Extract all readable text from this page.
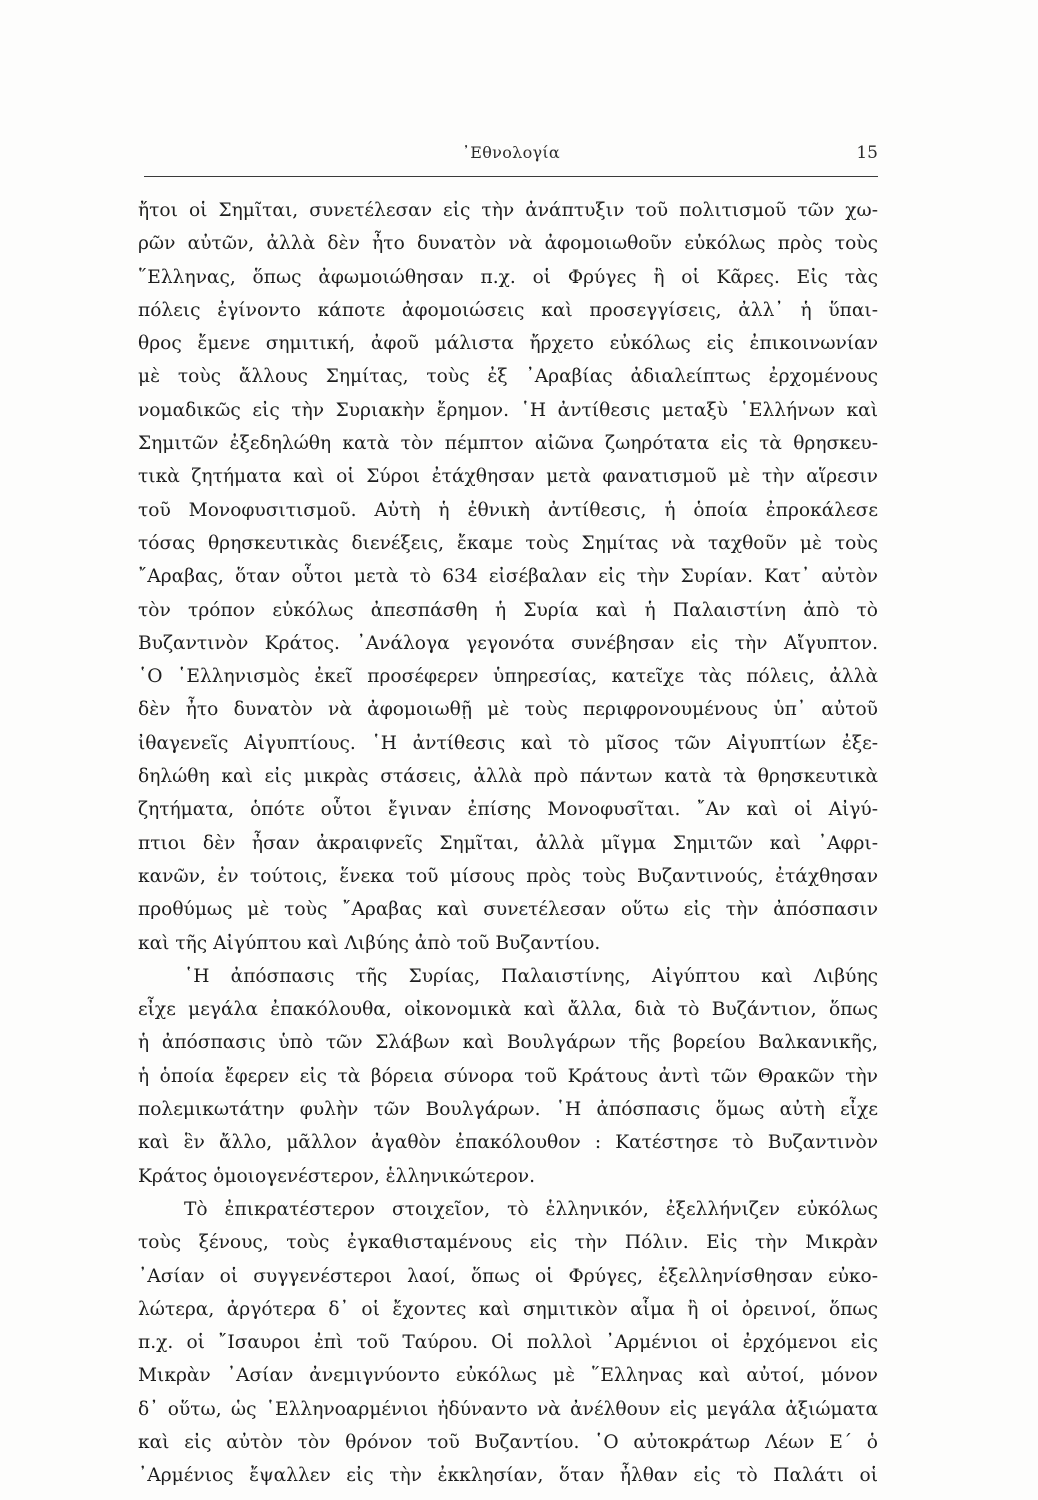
᾿Εθνολογία	15
ἤτοι οἱ Σημῖται, συνετέλεσαν εἰς τὴν ἀνάπτυξιν τοῦ πολιτισμοῦ τῶν χω-
ρῶν αὐτῶν, ἀλλὰ δὲν ἦτο δυνατὸν νὰ ἀφομοιωθοῦν εὐκόλως πρὸς τοὺς
῞Ελληνας, ὅπως ἀφωμοιώθησαν π.χ. οἱ Φρύγες ἢ οἱ Κᾶρες. Εἰς τὰς
πόλεις ἐγίνοντο κάποτε ἀφομοιώσεις καὶ προσεγγίσεις, ἀλλ᾿ ἡ ὕπαι-
θρος ἔμενε σημιτική, ἀφοῦ μάλιστα ἤρχετο εὐκόλως εἰς ἐπικοινωνίαν
μὲ τοὺς ἄλλους Σημίτας, τοὺς ἐξ ᾿Αραβίας ἀδιαλείπτως ἐρχομένους
νομαδικῶς εἰς τὴν Συριακὴν ἔρημον. ῾Η ἀντίθεσις μεταξὺ ῾Ελλήνων καὶ
Σημιτῶν ἐξεδηλώθη κατὰ τὸν πέμπτον αἰῶνα ζωηρότατα εἰς τὰ θρησκευ-
τικὰ ζητήματα καὶ οἱ Σύροι ἐτάχθησαν μετὰ φανατισμοῦ μὲ τὴν αἵρεσιν
τοῦ Μονοφυσιτισμοῦ. Αὐτὴ ἡ ἐθνικὴ ἀντίθεσις, ἡ ὁποία ἐπροκάλεσε
τόσας θρησκευτικὰς διενέξεις, ἔκαμε τοὺς Σημίτας νὰ ταχθοῦν μὲ τοὺς
῎Αραβας, ὅταν οὗτοι μετὰ τὸ 634 εἰσέβαλαν εἰς τὴν Συρίαν. Κατ᾿ αὐτὸν
τὸν τρόπον εὐκόλως ἀπεσπάσθη ἡ Συρία καὶ ἡ Παλαιστίνη ἀπὸ τὸ
Βυζαντινὸν Κράτος. ᾿Ανάλογα γεγονότα συνέβησαν εἰς τὴν Αἴγυπτον.
῾Ο ῾Ελληνισμὸς ἐκεῖ προσέφερεν ὑπηρεσίας, κατεῖχε τὰς πόλεις, ἀλλὰ
δὲν ἦτο δυνατὸν νὰ ἀφομοιωθῇ μὲ τοὺς περιφρονουμένους ὑπ᾿ αὐτοῦ
ἰθαγενεῖς Αἰγυπτίους. ῾Η ἀντίθεσις καὶ τὸ μῖσος τῶν Αἰγυπτίων ἐξε-
δηλώθη καὶ εἰς μικρὰς στάσεις, ἀλλὰ πρὸ πάντων κατὰ τὰ θρησκευτικὰ
ζητήματα, ὁπότε οὗτοι ἔγιναν ἐπίσης Μονοφυσῖται. ῎Αν καὶ οἱ Αἰγύ-
πτιοι δὲν ἦσαν ἀκραιφνεῖς Σημῖται, ἀλλὰ μῖγμα Σημιτῶν καὶ ᾿Αφρι-
κανῶν, ἐν τούτοις, ἕνεκα τοῦ μίσους πρὸς τοὺς Βυζαντινούς, ἐτάχθησαν
προθύμως μὲ τοὺς ῎Αραβας καὶ συνετέλεσαν οὕτω εἰς τὴν ἀπόσπασιν
καὶ τῆς Αἰγύπτου καὶ Λιβύης ἀπὸ τοῦ Βυζαντίου.
῾Η ἀπόσπασις τῆς Συρίας, Παλαιστίνης, Αἰγύπτου καὶ Λιβύης
εἶχε μεγάλα ἐπακόλουθα, οἰκονομικὰ καὶ ἄλλα, διὰ τὸ Βυζάντιον, ὅπως
ἡ ἀπόσπασις ὑπὸ τῶν Σλάβων καὶ Βουλγάρων τῆς βορείου Βαλκανικῆς,
ἡ ὁποία ἔφερεν εἰς τὰ βόρεια σύνορα τοῦ Κράτους ἀντὶ τῶν Θρακῶν τὴν
πολεμικωτάτην φυλὴν τῶν Βουλγάρων. ῾Η ἀπόσπασις ὅμως αὐτὴ εἶχε
καὶ ἓν ἄλλο, μᾶλλον ἀγαθὸν ἐπακόλουθον : Κατέστησε τὸ Βυζαντινὸν
Κράτος ὁμοιογενέστερον, ἑλληνικώτερον.
Τὸ ἐπικρατέστερον στοιχεῖον, τὸ ἑλληνικόν, ἐξελλήνιζεν εὐκόλως
τοὺς ξένους, τοὺς ἐγκαθισταμένους εἰς τὴν Πόλιν. Εἰς τὴν Μικρὰν
᾿Ασίαν οἱ συγγενέστεροι λαοί, ὅπως οἱ Φρύγες, ἐξελληνίσθησαν εὐκο-
λώτερα, ἀργότερα δ᾿ οἱ ἔχοντες καὶ σημιτικὸν αἷμα ἢ οἱ ὀρεινοί, ὅπως
π.χ. οἱ ῎Ισαυροι ἐπὶ τοῦ Ταύρου. Οἱ πολλοὶ ᾿Αρμένιοι οἱ ἐρχόμενοι εἰς
Μικρὰν ᾿Ασίαν ἀνεμιγνύοντο εὐκόλως μὲ ῞Ελληνας καὶ αὐτοί, μόνον
δ᾿ οὕτω, ὡς ῾Ελληνοαρμένιοι ἠδύναντο νὰ ἀνέλθουν εἰς μεγάλα ἀξιώματα
καὶ εἰς αὐτὸν τὸν θρόνον τοῦ Βυζαντίου. ῾Ο αὐτοκράτωρ Λέων Ε´ ὁ
᾿Αρμένιος ἔψαλλεν εἰς τὴν ἐκκλησίαν, ὅταν ἦλθαν εἰς τὸ Παλάτι οἱ
